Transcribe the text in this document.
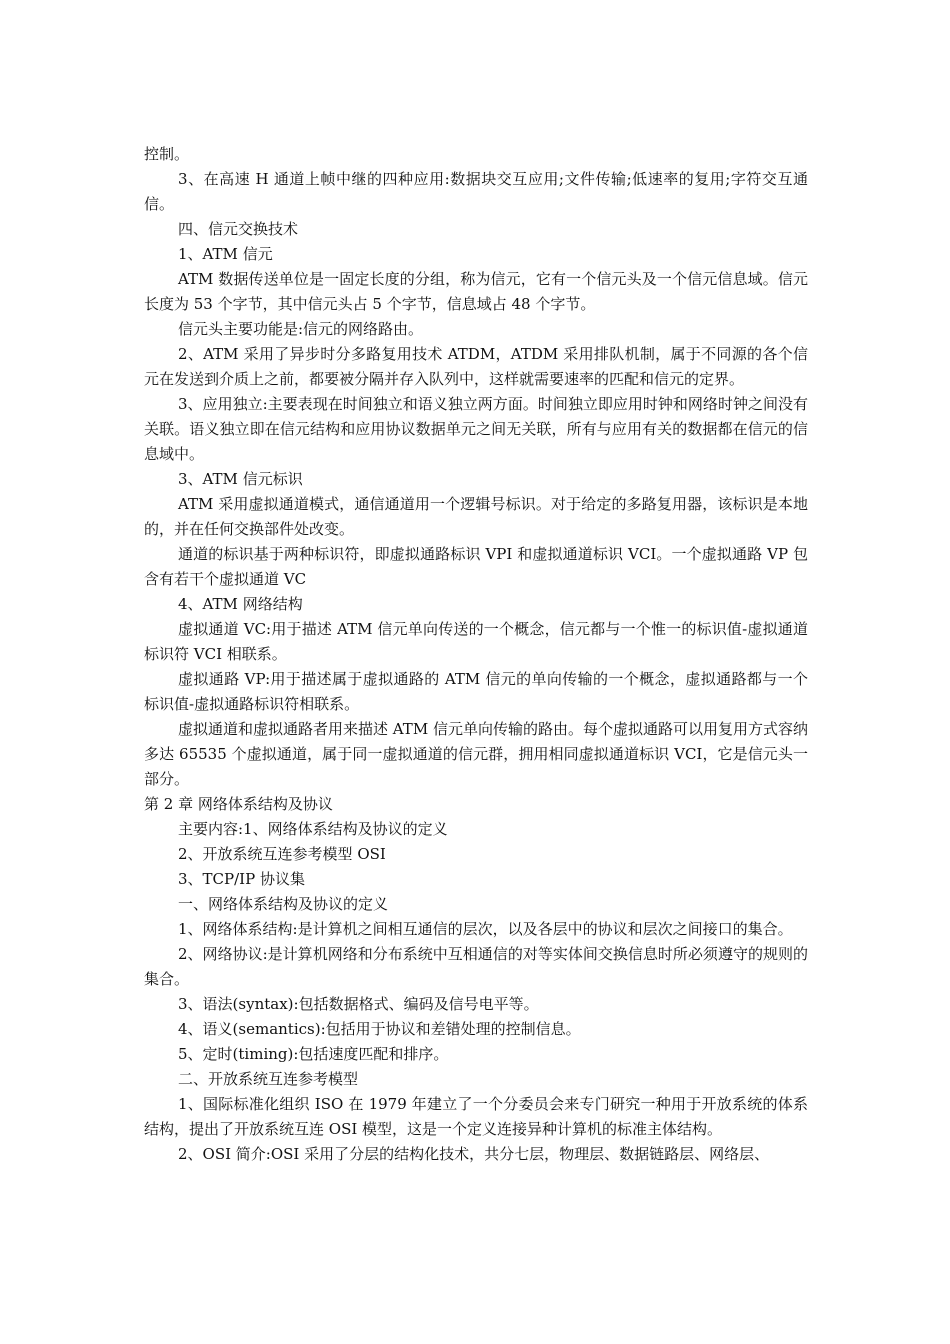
控制。

3、在高速 H 通道上帧中继的四种应用:数据块交互应用;文件传输;低速率的复用;字符交互通信。

四、信元交换技术

1、ATM 信元

ATM 数据传送单位是一固定长度的分组，称为信元，它有一个信元头及一个信元信息域。信元长度为 53 个字节，其中信元头占 5 个字节，信息域占 48 个字节。

信元头主要功能是:信元的网络路由。

2、ATM 采用了异步时分多路复用技术 ATDM，ATDM 采用排队机制，属于不同源的各个信元在发送到介质上之前，都要被分隔并存入队列中，这样就需要速率的匹配和信元的定界。

3、应用独立:主要表现在时间独立和语义独立两方面。时间独立即应用时钟和网络时钟之间没有关联。语义独立即在信元结构和应用协议数据单元之间无关联，所有与应用有关的数据都在信元的信息域中。

3、ATM 信元标识

ATM 采用虚拟通道模式，通信通道用一个逻辑号标识。对于给定的多路复用器，该标识是本地的，并在任何交换部件处改变。

通道的标识基于两种标识符，即虚拟通路标识 VPI 和虚拟通道标识 VCI。一个虚拟通路 VP 包含有若干个虚拟通道 VC

4、ATM 网络结构

虚拟通道 VC:用于描述 ATM 信元单向传送的一个概念，信元都与一个惟一的标识值-虚拟通道标识符 VCI 相联系。

虚拟通路 VP:用于描述属于虚拟通路的 ATM 信元的单向传输的一个概念，虚拟通路都与一个标识值-虚拟通路标识符相联系。

虚拟通道和虚拟通路者用来描述 ATM 信元单向传输的路由。每个虚拟通路可以用复用方式容纳多达 65535 个虚拟通道，属于同一虚拟通道的信元群，拥用相同虚拟通道标识 VCI，它是信元头一部分。

第 2 章 网络体系结构及协议

主要内容:1、网络体系结构及协议的定义

2、开放系统互连参考模型 OSI

3、TCP/IP 协议集

一、网络体系结构及协议的定义

1、网络体系结构:是计算机之间相互通信的层次，以及各层中的协议和层次之间接口的集合。

2、网络协议:是计算机网络和分布系统中互相通信的对等实体间交换信息时所必须遵守的规则的集合。

3、语法(syntax):包括数据格式、编码及信号电平等。

4、语义(semantics):包括用于协议和差错处理的控制信息。

5、定时(timing):包括速度匹配和排序。

二、开放系统互连参考模型

1、国际标准化组织 ISO 在 1979 年建立了一个分委员会来专门研究一种用于开放系统的体系结构，提出了开放系统互连 OSI 模型，这是一个定义连接异种计算机的标准主体结构。

2、OSI 简介:OSI 采用了分层的结构化技术，共分七层，物理层、数据链路层、网络层、
